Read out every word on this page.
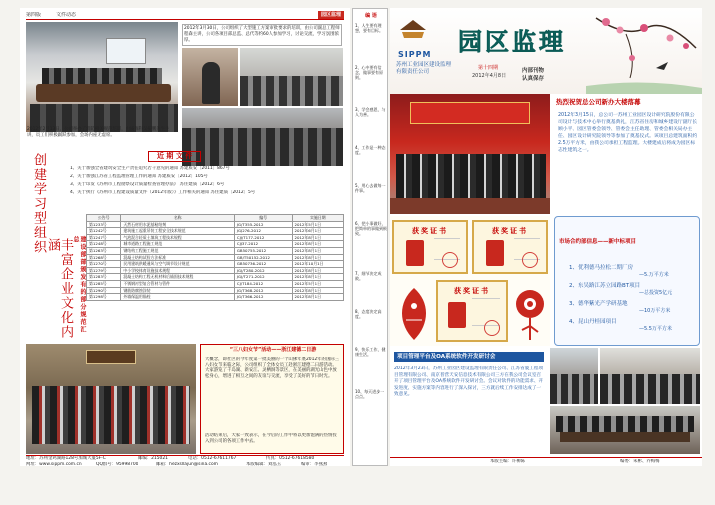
第四版	文件动态	园区监理
2012年3月30日，公司组织了大型施工方案审批要求的培训，由公司副总工程师程森主讲，公司各项目部总监、总代等约60人参加学习，讨论交流，学习氛围浓厚。
2012年2月13日，公司举办了消防相关规范培训，由质保科吴振鹏先生主讲，员工们积极踊跃参加，会场内座无虚席。
创建学习型组织
丰富企业文化内涵
近 期 文 件
1、关于加强全省建筑安全生产责任追究若干意见的通知 苏建质安〔2011〕867号
2、关于加强江苏省工程监理管理工作的通知 苏建质安〔2012〕105号
3、关于印发《苏州市工程勘察设计质量检查管理办法》 苏住建质〔2012〕6号
4、关于执行《苏州市工程建设质量文件（2012年版）》工作相关的通知 苏住建质〔2012〕5号
建设部部颁发有的部分规范汇总
公告号	名称	编号	实施日期
第1233号	天然石材用水泥基粘结剂	JG/T355-2012	2012年5月1日
第1242号	建筑施工起重吊装工程安全技术规范	JGJ276-2012	2012年6月1日
第1247号	气泡混合轻质土填筑工程技术规程	CJJ/T177-2012	2012年8月1日
第1248号	城市道路工程施工规范	CJJ37-2012	2012年8月1日
第1263号	钢结构工程施工规范	GB50755-2012	2012年8月1日
第1268号	混凝土结构试验方法标准	GB/T50152-2012	2012年8月1日
第1270号	民用建筑供暖通风与空气调节设计规范	GB50736-2012	2012年10月1日
第1279号	中小学校体育设施技术规程	JGJ/T280-2012	2012年8月1日
第1283号	混凝土结构工程无机材料后锚固技术规程	JGJ/T271-2012	2012年8月1日
第1285号	不锈钢衬型复合管材与管件	CJ/T184-2012	2012年5月1日
第1290号	钢筋防腐蚀涂装	JG/T368-2012	2012年8月1日
第1298号	外墙保温用锚栓	JG/T366-2012	2012年8月1日
“三八妇女节”活动——浙江建德二日游
大概念，即社区的今年度第一批美丽的一个山佛年底2012年的国际三八妇女节来临之际，公司组织了全体女员工赴浙江建德二日游活动。大家游览了千岛湖、新安江、灵栖洞等景区，在美丽的湖光山色中放松身心，增进了相互之间的友谊与交流，享受了美好的节日时光。
活动结束后，大家一致表示，在今后的工作中将以更加饱满的热情投入到公司的各项工作中去。
地址：苏州金鸡湖路128号加城大厦5F-C	邮编：215021	电话：0512-67611767	传真：0512-67618580
网址：www.sippm.com.cn	QQ群号：95998700	邮箱：hezxsllajun@sina.com	本版编辑：刘泓玉	编审：李燕燕
编 语
1、人生要有理想，要有目标。
2、心中要有信念，做事要有原则。
3、学会感恩，与人为善。
4、工作是一种态度。
5、用心去做每一件事。
6、把小事做好，把简单的事做到极致。
7、细节决定成败。
8、态度决定高度。
9、快乐工作，健康生活。
10、每天进步一点点。
SIPPM
苏州工业园区建设监理有限责任公司
园区监理
第十四期
2012年4月8日
内部刊物
认真保存
热烈祝贺总公司新办大楼落幕
2012年3月15日，总公司一苏州工业园区设计研究院股份有限公司设计与技术中心举行奠基典礼，江苏省住房和城乡建设厅副厅长顾小平、园区管委会领导、管委会主任助理、管委会相关局办主任、园区设计研究院领导等参加了奠基仪式。该项目总建筑面积约2.5万平方米，由我公司承担工程监理。大楼建成后将成为园区标志性建筑之一。
获奖证书	获奖证书
获奖证书
市场合约部信息——新中标项目
1、优利德马拉松二期厂房
—5.万平方米
2、东吴路江苏立园路BT项目
—总投资5亿元
3、德华紫光产学研基地
—10万平方米
4、昆山丹桂园项目
—5.5万平方米
项目管理平台及OA系统软件开发研讨会
2012年3月23日，苏州工业园区建设监理有限责任公司、江苏省厦工程项目管理有限公司、南京普营天安信息技术有限公司三方在我公司会议室召开了项目管理平台及OA系统软件开发研讨会。会议对软件的功能需求、开发进度、实施方案等内容进行了深入探讨，三方就后续工作安排达成了一致意见。
本版主编：许柳陈	编委：朱彬、乔梅梅
